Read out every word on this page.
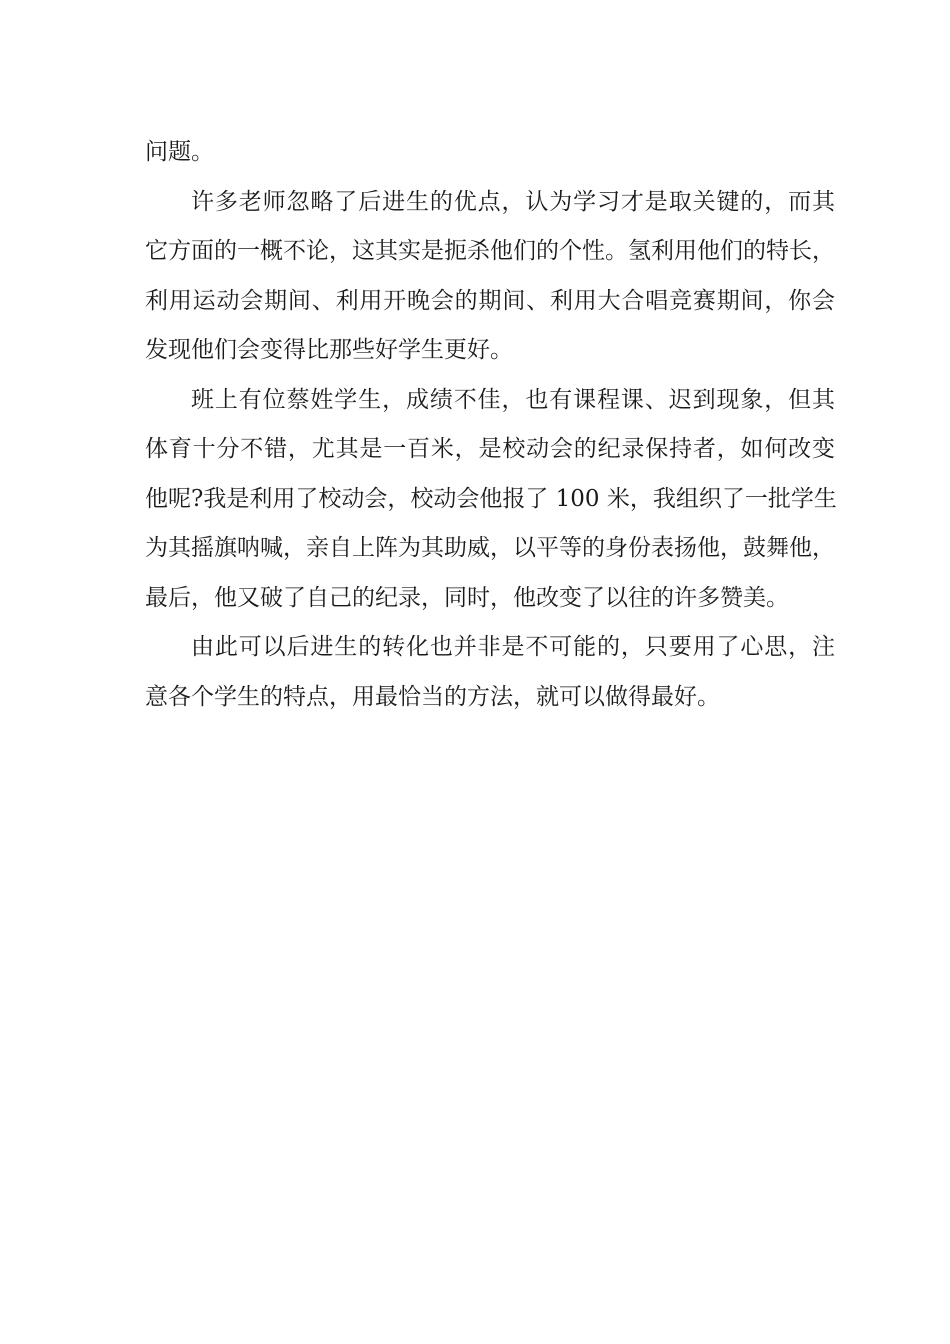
问题。
许多老师忽略了后进生的优点，认为学习才是取关键的，而其
它方面的一概不论，这其实是扼杀他们的个性。氢利用他们的特长，
利用运动会期间、利用开晚会的期间、利用大合唱竞赛期间，你会
发现他们会变得比那些好学生更好。
班上有位蔡姓学生，成绩不佳，也有课程课、迟到现象，但其
体育十分不错，尤其是一百米，是校动会的纪录保持者，如何改变
他呢?我是利用了校动会，校动会他报了 100 米，我组织了一批学生
为其摇旗呐喊，亲自上阵为其助威，以平等的身份表扬他，鼓舞他，
最后，他又破了自己的纪录，同时，他改变了以往的许多赞美。
由此可以后进生的转化也并非是不可能的，只要用了心思，注
意各个学生的特点，用最恰当的方法，就可以做得最好。
